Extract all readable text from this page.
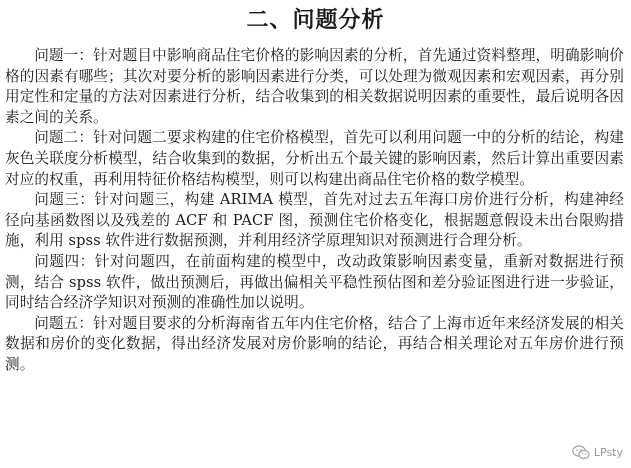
二、问题分析

问题一：针对题目中影响商品住宅价格的影响因素的分析，首先通过资料整理，明确影响价格的因素有哪些；其次对要分析的影响因素进行分类，可以处理为微观因素和宏观因素，再分别用定性和定量的方法对因素进行分析，结合收集到的相关数据说明因素的重要性，最后说明各因素之间的关系。

问题二：针对问题二要求构建的住宅价格模型，首先可以利用问题一中的分析的结论，构建灰色关联度分析模型，结合收集到的数据，分析出五个最关键的影响因素，然后计算出重要因素对应的权重，再利用特征价格结构模型，则可以构建出商品住宅价格的数学模型。

问题三：针对问题三，构建 ARIMA 模型，首先对过去五年海口房价进行分析，构建神经径向基函数图以及残差的 ACF 和 PACF 图，预测住宅价格变化，根据题意假设未出台限购措施，利用 spss 软件进行数据预测，并利用经济学原理知识对预测进行合理分析。

问题四：针对问题四，在前面构建的模型中，改动政策影响因素变量，重新对数据进行预测，结合 spss 软件，做出预测后，再做出偏相关平稳性预估图和差分验证图进行进一步验证，同时结合经济学知识对预测的准确性加以说明。

问题五：针对题目要求的分析海南省五年内住宅价格，结合了上海市近年来经济发展的相关数据和房价的变化数据，得出经济发展对房价影响的结论，再结合相关理论对五年房价进行预测。

LPsty
